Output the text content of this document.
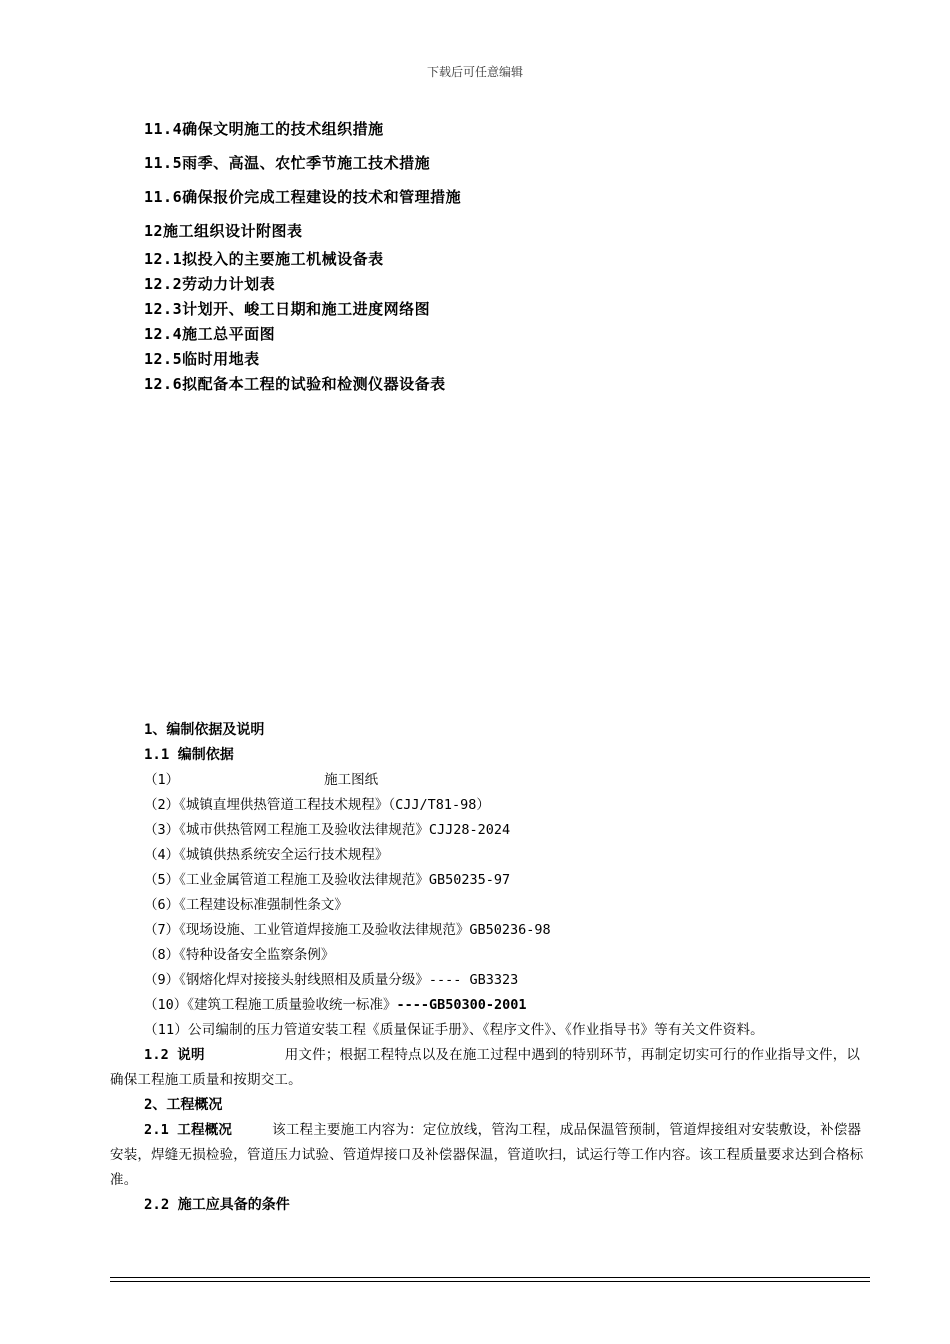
下载后可任意编辑
11.4确保文明施工的技术组织措施
11.5雨季、高温、农忙季节施工技术措施
11.6确保报价完成工程建设的技术和管理措施
12施工组织设计附图表
12.1拟投入的主要施工机械设备表
12.2劳动力计划表
12.3计划开、峻工日期和施工进度网络图
12.4施工总平面图
12.5临时用地表
12.6拟配备本工程的试验和检测仪器设备表
1、编制依据及说明
1.1 编制依据
（1）	施工图纸
（2）《城镇直埋供热管道工程技术规程》（CJJ/T81-98）
（3）《城市供热管网工程施工及验收法律规范》CJJ28-2024
（4）《城镇供热系统安全运行技术规程》
（5）《工业金属管道工程施工及验收法律规范》GB50235-97
（6）《工程建设标准强制性条文》
（7）《现场设施、工业管道焊接施工及验收法律规范》GB50236-98
（8）《特种设备安全监察条例》
（9）《钢熔化焊对接接头射线照相及质量分级》---- GB3323
（10）《建筑工程施工质量验收统一标准》----GB50300-2001
（11）公司编制的压力管道安装工程《质量保证手册》、《程序文件》、《作业指导书》等有关文件资料。
1.2 说明	用文件；根据工程特点以及在施工过程中遇到的特别环节，再制定切实可行的作业指导文件，以确保工程施工质量和按期交工。
2、工程概况
2.1 工程概况	该工程主要施工内容为：定位放线，管沟工程，成品保温管预制，管道焊接组对安装敷设，补偿器安装，焊缝无损检验，管道压力试验、管道焊接口及补偿器保温，管道吹扫，试运行等工作内容。该工程质量要求达到合格标准。
2.2 施工应具备的条件
